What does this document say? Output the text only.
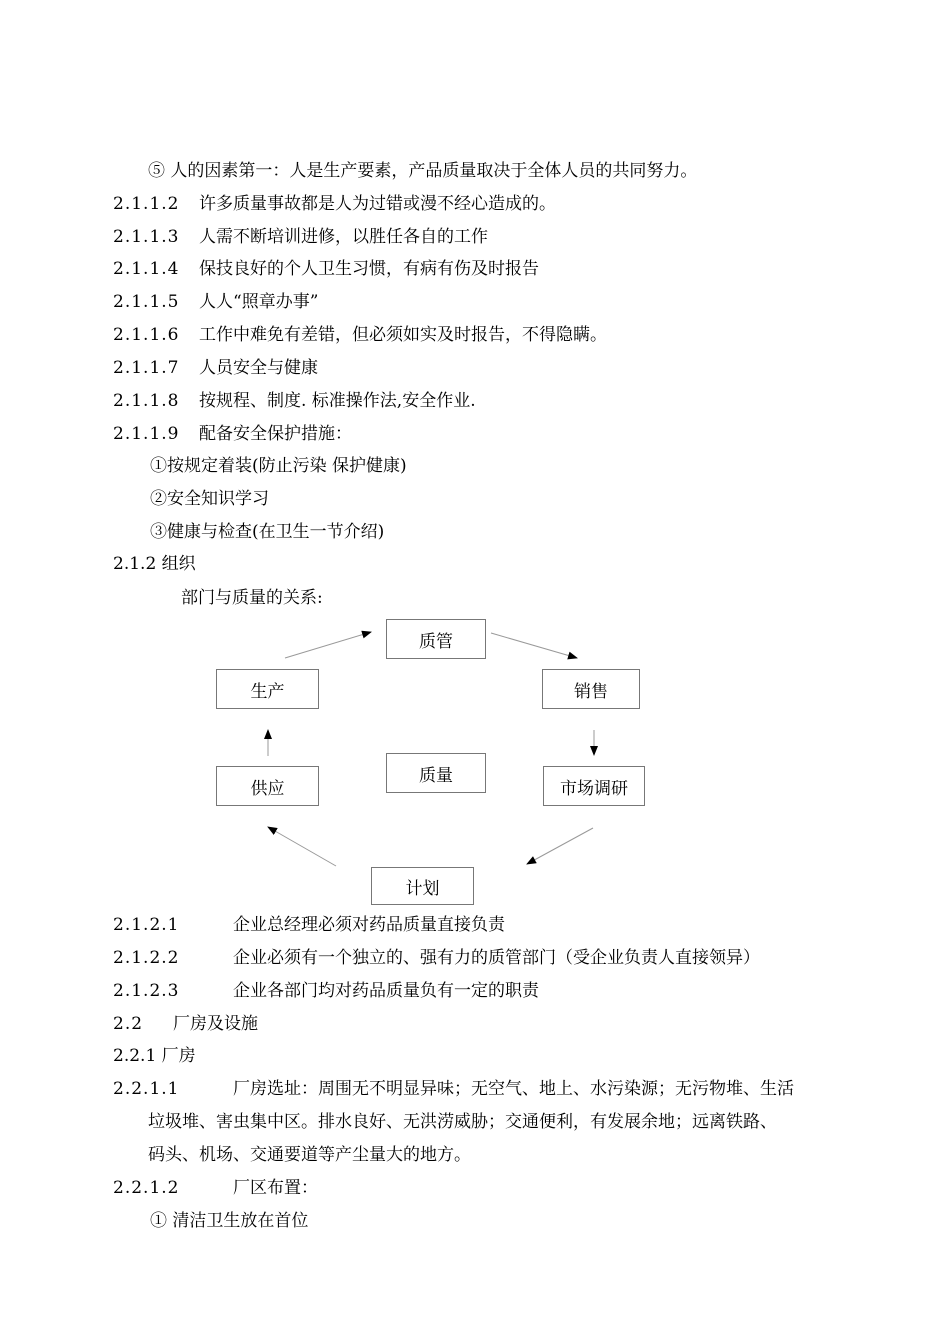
⑤ 人的因素第一：人是生产要素，产品质量取决于全体人员的共同努力。
2.1.1.2 许多质量事故都是人为过错或漫不经心造成的。
2.1.1.3 人需不断培训进修，以胜任各自的工作
2.1.1.4 保技良好的个人卫生习惯，有病有伤及时报告
2.1.1.5 人人“照章办事”
2.1.1.6 工作中难免有差错，但必须如实及时报告，不得隐瞒。
2.1.1.7 人员安全与健康
2.1.1.8 按规程、制度. 标准操作法,安全作业.
2.1.1.9 配备安全保护措施：
①按规定着装(防止污染 保护健康)
②安全知识学习
③健康与检查(在卫生一节介绍)
2.1.2 组织
部门与质量的关系:
质管
销售
生产
质量
供应	市场调研
计划
2.1.2.1	企业总经理必须对药品质量直接负责
2.1.2.2	企业必须有一个独立的、强有力的质管部门（受企业负责人直接领异）
2.1.2.3	企业各部门均对药品质量负有一定的职责
2.2 厂房及设施
2.2.1 厂房
2.2.1.1	厂房选址：周围无不明显异味；无空气、地上、水污染源；无污物堆、生活
垃圾堆、害虫集中区。排水良好、无洪涝威胁；交通便利，有发展余地；远离铁路、
码头、机场、交通要道等产尘量大的地方。
2.2.1.2	厂区布置：
① 清洁卫生放在首位
